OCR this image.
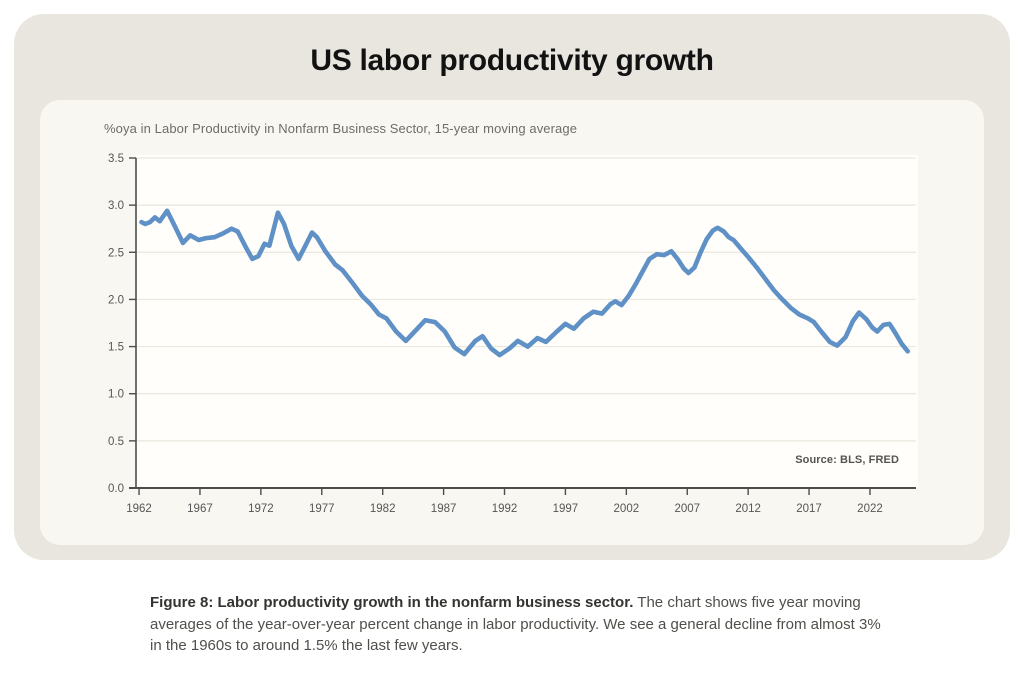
US labor productivity growth
%oya in Labor Productivity in Nonfarm Business Sector, 15-year moving average
0.0
0.5
1.0
1.5
2.0
2.5
3.0
3.5
1962	1967	1972	1977	1982	1987	1992	1997	2002	2007	2012	2017	2022
Source: BLS, FRED

Figure 8: Labor productivity growth in the nonfarm business sector. The chart shows five year moving averages of the year-over-year percent change in labor productivity. We see a general decline from almost 3% in the 1960s to around 1.5% the last few years.
